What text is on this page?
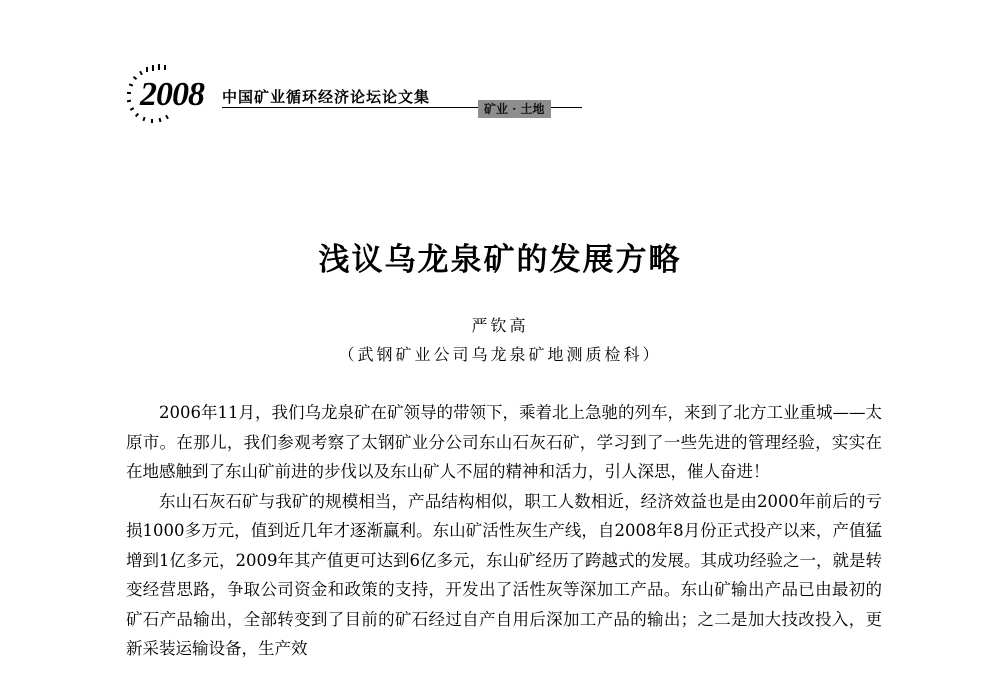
2008 中国矿业循环经济论坛论文集
矿业 · 土地
浅议乌龙泉矿的发展方略
严钦高
（武钢矿业公司乌龙泉矿地测质检科）

2006年11月，我们乌龙泉矿在矿领导的带领下，乘着北上急驰的列车，来到了北方工业重城——太原市。在那儿，我们参观考察了太钢矿业分公司东山石灰石矿，学习到了一些先进的管理经验，实实在在地感触到了东山矿前进的步伐以及东山矿人不屈的精神和活力，引人深思，催人奋进！

东山石灰石矿与我矿的规模相当，产品结构相似，职工人数相近，经济效益也是由2000年前后的亏损1000多万元，值到近几年才逐渐赢利。东山矿活性灰生产线，自2008年8月份正式投产以来，产值猛增到1亿多元，2009年其产值更可达到6亿多元，东山矿经历了跨越式的发展。其成功经验之一，就是转变经营思路，争取公司资金和政策的支持，开发出了活性灰等深加工产品。东山矿输出产品已由最初的矿石产品输出，全部转变到了目前的矿石经过自产自用后深加工产品的输出；之二是加大技改投入，更新采装运输设备，生产效
